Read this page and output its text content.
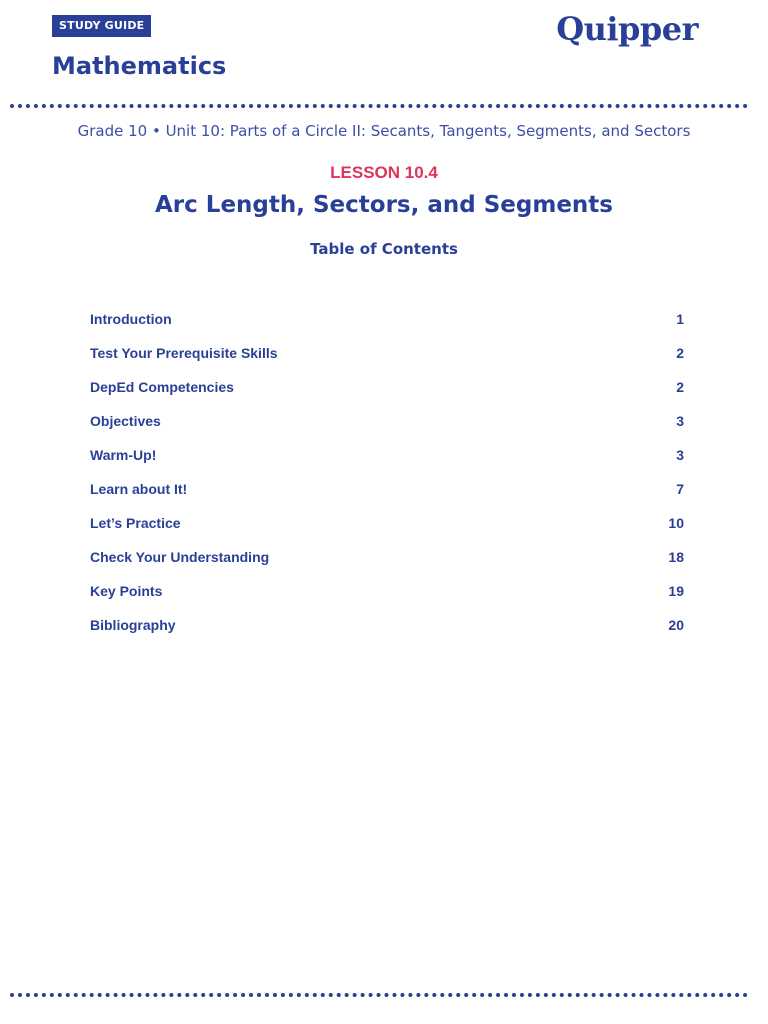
STUDY GUIDE
Mathematics
Quipper
Grade 10 • Unit 10: Parts of a Circle II: Secants, Tangents, Segments, and Sectors
LESSON 10.4
Arc Length, Sectors, and Segments
Table of Contents
Introduction	1
Test Your Prerequisite Skills	2
DepEd Competencies	2
Objectives	3
Warm-Up!	3
Learn about It!	7
Let’s Practice	10
Check Your Understanding	18
Key Points	19
Bibliography	20
